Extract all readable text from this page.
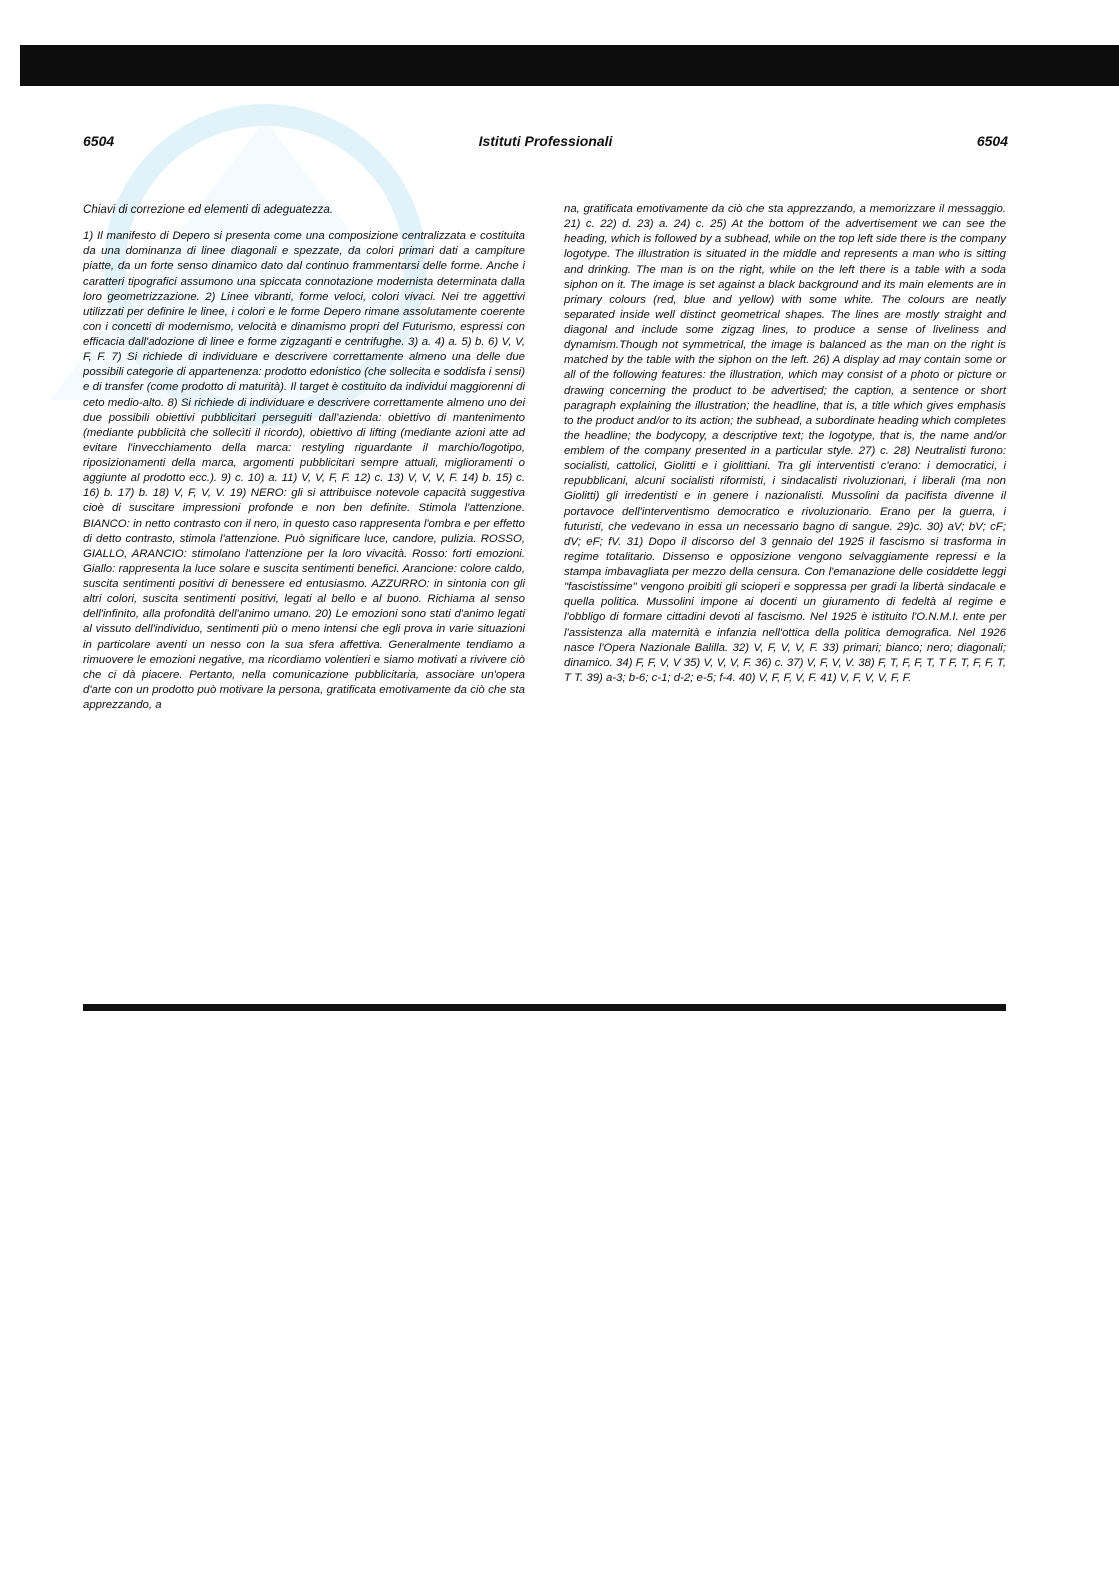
6504	Istituti Professionali	6504

Chiavi di correzione ed elementi di adeguatezza.

1) Il manifesto di Depero si presenta come una composizione centralizzata e costituita da una dominanza di linee diagonali e spezzate, da colori primari dati a campiture piatte, da un forte senso dinamico dato dal continuo frammentarsi delle forme. Anche i caratteri tipografici assumono una spiccata connotazione modernista determinata dalla loro geometrizzazione. 2) Linee vibranti, forme veloci, colori vivaci. Nei tre aggettivi utilizzati per definire le linee, i colori e le forme Depero rimane assolutamente coerente con i concetti di modernismo, velocità e dinamismo propri del Futurismo, espressi con efficacia dall'adozione di linee e forme zigzaganti e centrifughe. 3) a. 4) a. 5) b. 6) V, V, F, F. 7) Si richiede di individuare e descrivere correttamente almeno una delle due possibili categorie di appartenenza: prodotto edonistico (che sollecita e soddisfa i sensi) e di transfer (come prodotto di maturità). Il target è costituito da individui maggiorenni di ceto medio-alto. 8) Si richiede di individuare e descrivere correttamente almeno uno dei due possibili obiettivi pubblicitari perseguiti dall'azienda: obiettivo di mantenimento (mediante pubblicità che sollecìti il ricordo), obiettivo di lifting (mediante azioni atte ad evitare l'invecchiamento della marca: restyling riguardante il marchio/logotipo, riposizionamenti della marca, argomenti pubblicitari sempre attuali, miglioramenti o aggiunte al prodotto ecc.). 9) c. 10) a. 11) V, V, F, F. 12) c. 13) V, V, V, F. 14) b. 15) c. 16) b. 17) b. 18) V, F, V, V. 19) NERO: gli si attribuisce notevole capacità suggestiva cioè di suscitare impressioni profonde e non ben definite. Stimola l'attenzione. BIANCO: in netto contrasto con il nero, in questo caso rappresenta l'ombra e per effetto di detto contrasto, stimola l'attenzione. Può significare luce, candore, pulizia. ROSSO, GIALLO, ARANCIO: stimolano l'attenzione per la loro vivacità. Rosso: forti emozioni. Giallo: rappresenta la luce solare e suscita sentimenti benefici. Arancione: colore caldo, suscita sentimenti positivi di benessere ed entusiasmo. AZZURRO: in sintonia con gli altri colori, suscita sentimenti positivi, legati al bello e al buono. Richiama al senso dell'infinito, alla profondità dell'animo umano. 20) Le emozioni sono stati d'animo legati al vissuto dell'individuo, sentimenti più o meno intensi che egli prova in varie situazioni in particolare aventi un nesso con la sua sfera affettiva. Generalmente tendiamo a rimuovere le emozioni negative, ma ricordiamo volentieri e siamo motivati a rivivere ciò che ci dà piacere. Pertanto, nella comunicazione pubblicitaria, associare un'opera d'arte con un prodotto può motivare la persona, gratificata emotivamente da ciò che sta apprezzando, a

na, gratificata emotivamente da ciò che sta apprezzando, a memorizzare il messaggio. 21) c. 22) d. 23) a. 24) c. 25) At the bottom of the advertisement we can see the heading, which is followed by a subhead, while on the top left side there is the company logotype. The illustration is situated in the middle and represents a man who is sitting and drinking. The man is on the right, while on the left there is a table with a soda siphon on it. The image is set against a black background and its main elements are in primary colours (red, blue and yellow) with some white. The colours are neatly separated inside well distinct geometrical shapes. The lines are mostly straight and diagonal and include some zigzag lines, to produce a sense of liveliness and dynamism.Though not symmetrical, the image is balanced as the man on the right is matched by the table with the siphon on the left. 26) A display ad may contain some or all of the following features: the illustration, which may consist of a photo or picture or drawing concerning the product to be advertised; the caption, a sentence or short paragraph explaining the illustration; the headline, that is, a title which gives emphasis to the product and/or to its action; the subhead, a subordinate heading which completes the headline; the bodycopy, a descriptive text; the logotype, that is, the name and/or emblem of the company presented in a particular style. 27) c. 28) Neutralisti furono: socialisti, cattolici, Giolitti e i giolittiani. Tra gli interventisti c'erano: i democratici, i repubblicani, alcuni socialisti riformisti, i sindacalisti rivoluzionari, i liberali (ma non Giolitti) gli irredentisti e in genere i nazionalisti. Mussolini da pacifista divenne il portavoce dell'interventismo democratico e rivoluzionario. Erano per la guerra, i futuristi, che vedevano in essa un necessario bagno di sangue. 29)c. 30) aV; bV; cF; dV; eF; fV. 31) Dopo il discorso del 3 gennaio del 1925 il fascismo si trasforma in regime totalitario. Dissenso e opposizione vengono selvaggiamente repressi e la stampa imbavagliata per mezzo della censura. Con l'emanazione delle cosiddette leggi "fascistissime" vengono proibiti gli scioperi e soppressa per gradi la libertà sindacale e quella politica. Mussolini impone ai docenti un giuramento di fedeltà al regime e l'obbligo di formare cittadini devoti al fascismo. Nel 1925 è istituito l'O.N.M.I. ente per l'assistenza alla maternità e infanzia nell'ottica della politica demografica. Nel 1926 nasce l'Opera Nazionale Balilla. 32) V, F, V, V, F. 33) primari; bianco; nero; diagonali; dinamico. 34) F, F, V, V 35) V, V, V, F. 36) c. 37) V, F, V, V. 38) F, T, F, F, T, T F, T, F, F, T, T T. 39) a-3; b-6; c-1; d-2; e-5; f-4. 40) V, F, F, V, F. 41) V, F, V, V, F, F.
